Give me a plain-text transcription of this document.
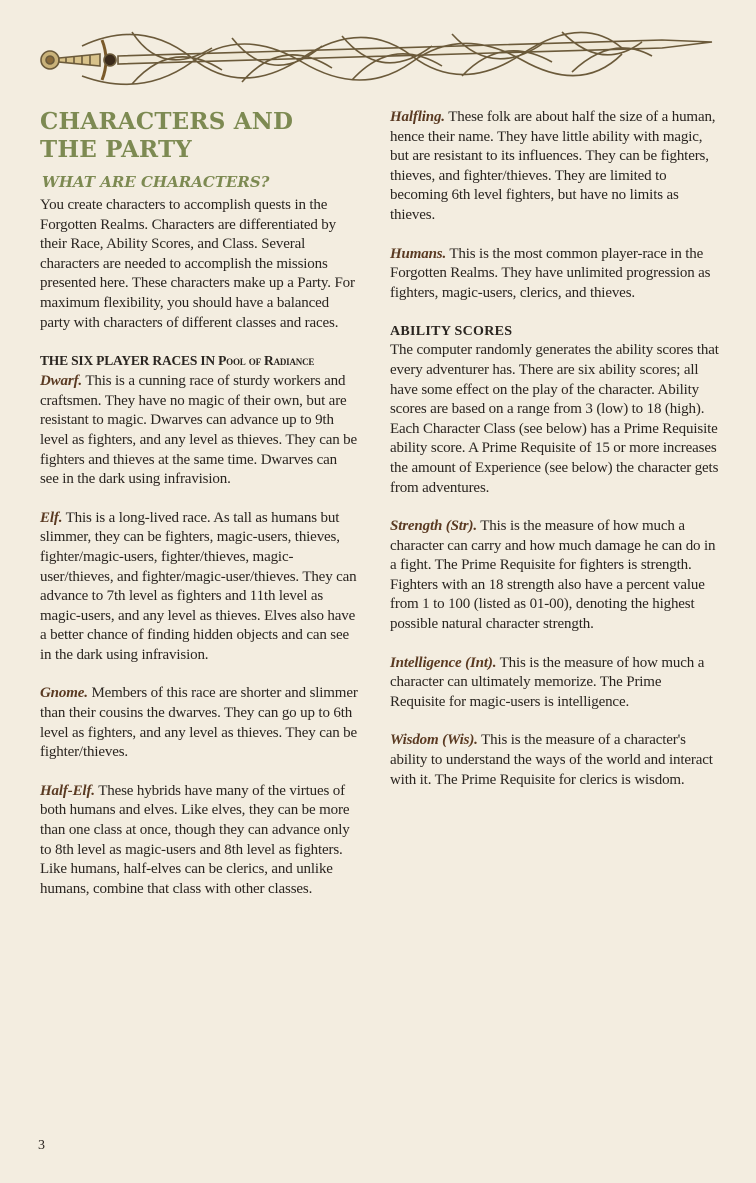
CHARACTERS AND
THE PARTY
WHAT ARE CHARACTERS?

You create characters to accomplish quests in the Forgotten Realms. Characters are differentiated by their Race, Ability Scores, and Class. Several characters are needed to accomplish the missions presented here. These characters make up a Party. For maximum flexibility, you should have a balanced party with characters of different classes and races.

THE SIX PLAYER RACES IN Pool of Radiance

Dwarf. This is a cunning race of sturdy workers and craftsmen. They have no magic of their own, but are resistant to magic. Dwarves can advance up to 9th level as fighters, and any level as thieves. They can be fighters and thieves at the same time. Dwarves can see in the dark using infravision.

Elf. This is a long-lived race. As tall as humans but slimmer, they can be fighters, magic-users, thieves, fighter/magic-users, fighter/thieves, magic-user/thieves, and fighter/magic-user/thieves. They can advance to 7th level as fighters and 11th level as magic-users, and any level as thieves. Elves also have a better chance of finding hidden objects and can see in the dark using infravision.

Gnome. Members of this race are shorter and slimmer than their cousins the dwarves. They can go up to 6th level as fighters, and any level as thieves. They can be fighter/thieves.

Half-Elf. These hybrids have many of the virtues of both humans and elves. Like elves, they can be more than one class at once, though they can advance only to 8th level as magic-users and 8th level as fighters. Like humans, half-elves can be clerics, and unlike humans, combine that class with other classes.

Halfling. These folk are about half the size of a human, hence their name. They have little ability with magic, but are resistant to its influences. They can be fighters, thieves, and fighter/thieves. They are limited to becoming 6th level fighters, but have no limits as thieves.

Humans. This is the most common player-race in the Forgotten Realms. They have unlimited progression as fighters, magic-users, clerics, and thieves.

ABILITY SCORES

The computer randomly generates the ability scores that every adventurer has. There are six ability scores; all have some effect on the play of the character. Ability scores are based on a range from 3 (low) to 18 (high). Each Character Class (see below) has a Prime Requisite ability score. A Prime Requisite of 15 or more increases the amount of Experience (see below) the character gets from adventures.

Strength (Str). This is the measure of how much a character can carry and how much damage he can do in a fight. The Prime Requisite for fighters is strength. Fighters with an 18 strength also have a percent value from 1 to 100 (listed as 01-00), denoting the highest possible natural character strength.

Intelligence (Int). This is the measure of how much a character can ultimately memorize. The Prime Requisite for magic-users is intelligence.

Wisdom (Wis). This is the measure of a character's ability to understand the ways of the world and interact with it. The Prime Requisite for clerics is wisdom.

3
